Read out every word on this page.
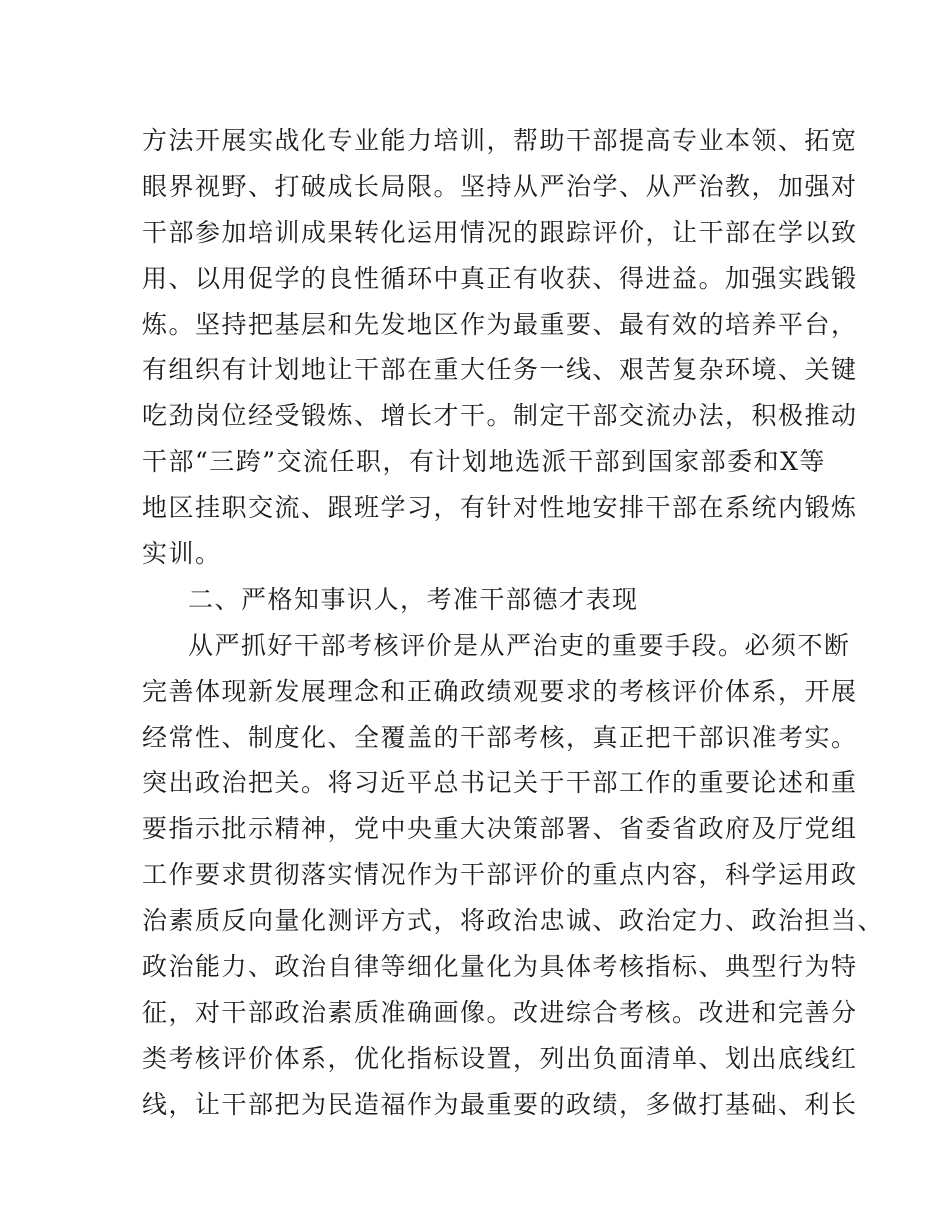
方法开展实战化专业能力培训，帮助干部提高专业本领、拓宽
眼界视野、打破成长局限。坚持从严治学、从严治教，加强对
干部参加培训成果转化运用情况的跟踪评价，让干部在学以致
用、以用促学的良性循环中真正有收获、得进益。加强实践锻
炼。坚持把基层和先发地区作为最重要、最有效的培养平台，
有组织有计划地让干部在重大任务一线、艰苦复杂环境、关键
吃劲岗位经受锻炼、增长才干。制定干部交流办法，积极推动
干部“三跨”交流任职，有计划地选派干部到国家部委和X等
地区挂职交流、跟班学习，有针对性地安排干部在系统内锻炼
实训。
二、严格知事识人，考准干部德才表现
从严抓好干部考核评价是从严治吏的重要手段。必须不断
完善体现新发展理念和正确政绩观要求的考核评价体系，开展
经常性、制度化、全覆盖的干部考核，真正把干部识准考实。
突出政治把关。将习近平总书记关于干部工作的重要论述和重
要指示批示精神，党中央重大决策部署、省委省政府及厅党组
工作要求贯彻落实情况作为干部评价的重点内容，科学运用政
治素质反向量化测评方式，将政治忠诚、政治定力、政治担当、
政治能力、政治自律等细化量化为具体考核指标、典型行为特
征，对干部政治素质准确画像。改进综合考核。改进和完善分
类考核评价体系，优化指标设置，列出负面清单、划出底线红
线，让干部把为民造福作为最重要的政绩，多做打基础、利长
